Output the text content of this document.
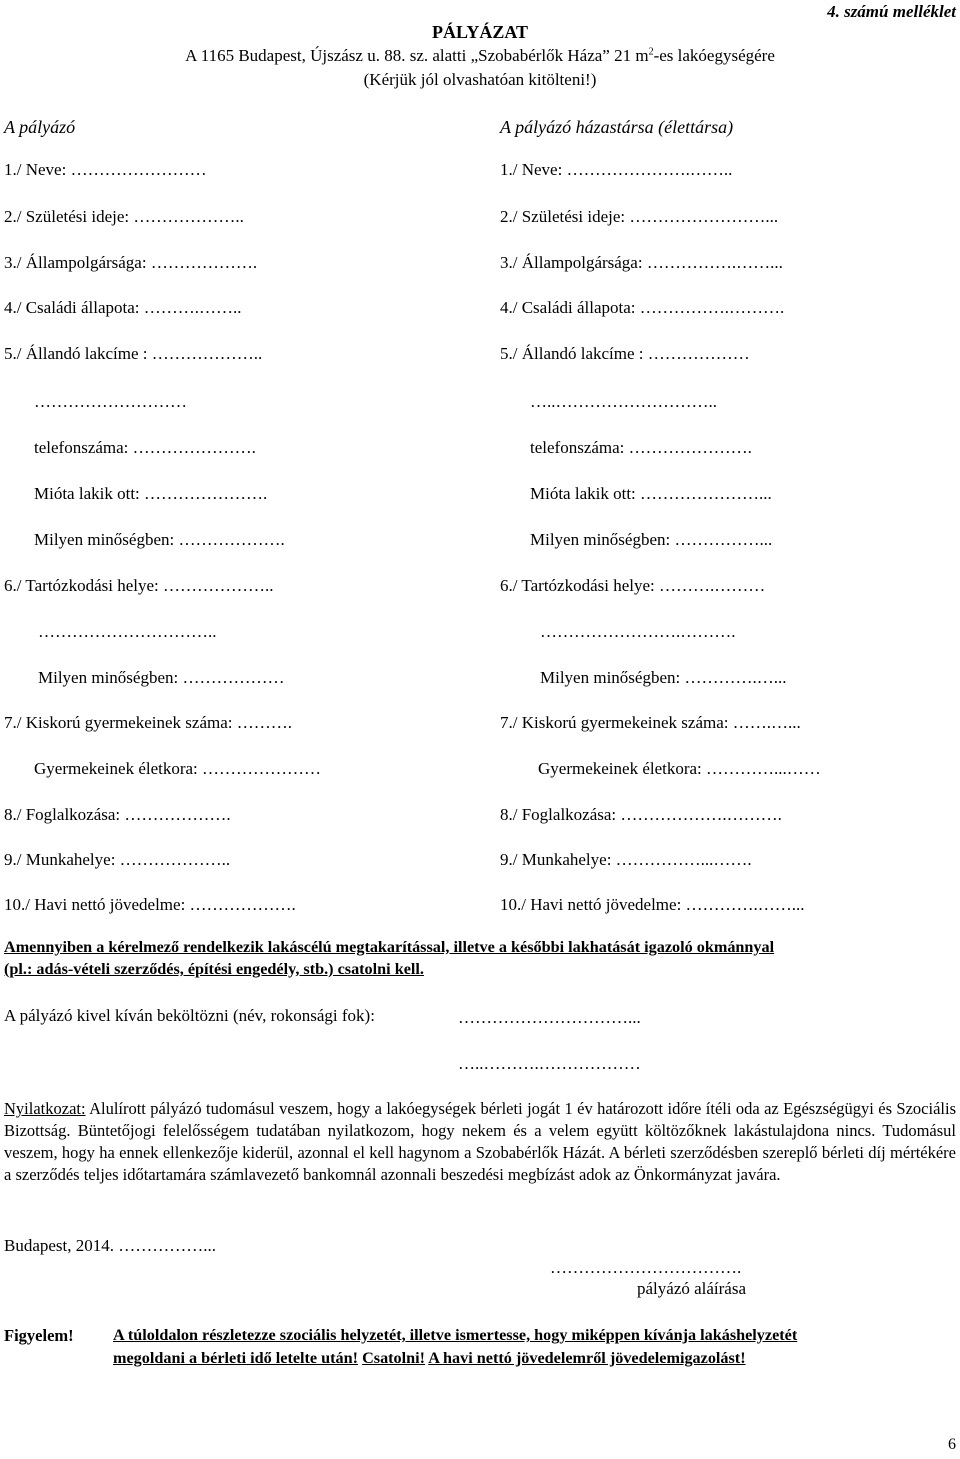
4. számú melléklet
PÁLYÁZAT
A 1165 Budapest, Újszász u. 88. sz. alatti „Szobabérlők Háza” 21 $m^2-es$ lakóegységére
(Kérjük jól olvashatóan kitölteni!)
A pályázó
1./ Neve: ……………………
2./ Születési ideje: ………………..
3./ Állampolgársága: ……………….
4./ Családi állapota: ……….……..
5./ Állandó lakcíme : ………………..
………………………
telefonszáma: ………………….
Mióta lakik ott: ………………….
Milyen minőségben: ……………….
6./ Tartózkodási helye: ………………..
…………………………..
Milyen minőségben: ………………
7./ Kiskorú gyermekeinek száma: ……….
Gyermekeinek életkora: …………………
8./ Foglalkozása: ……………….
9./ Munkahelye: ………………..
10./ Havi nettó jövedelme: ……………….
A pályázó házastársa (élettársa)
1./ Neve: ………………….……..
2./ Születési ideje: ……………………...
3./ Állampolgársága: …………….……...
4./ Családi állapota: …………….……….
5./ Állandó lakcíme : ………………
…..………………………..
telefonszáma: ………………….
Mióta lakik ott: …………………...
Milyen minőségben: ……………...
6./ Tartózkodási helye: ……….………
…………………….……….
Milyen minőségben: ………….…...
7./ Kiskorú gyermekeinek száma: …….…...
Gyermekeinek életkora: …………...……
8./ Foglalkozása: ……………….……….
9./ Munkahelye: ……………...…….
10./ Havi nettó jövedelme: ………….……...
Amennyiben a kérelmező rendelkezik lakáscélú megtakarítással, illetve a későbbi lakhatását igazoló okmánnyal
(pl.: adás-vételi szerződés, építési engedély, stb.) csatolni kell.
A pályázó kivel kíván beköltözni (név, rokonsági fok):	…………………………...
…..……….………………
Nyilatkozat: Alulírott pályázó tudomásul veszem, hogy a lakóegységek bérleti jogát 1 év határozott időre ítéli oda az Egészségügyi és Szociális Bizottság. Büntetőjogi felelősségem tudatában nyilatkozom, hogy nekem és a velem együtt költözőknek lakástulajdona nincs. Tudomásul veszem, hogy ha ennek ellenkezője kiderül, azonnal el kell hagynom a Szobabérlők Házát. A bérleti szerződésben szereplő bérleti díj mértékére a szerződés teljes időtartamára számlavezető bankomnál azonnali beszedési megbízást adok az Önkormányzat javára.
Budapest, 2014. ……………...
…………………………….
pályázó aláírása
Figyelem! A túloldalon részletezze szociális helyzetét, illetve ismertesse, hogy miképpen kívánja lakáshelyzetét
megoldani a bérleti idő letelte után! Csatolni! A havi nettó jövedelemről jövedelemigazolást!
6
